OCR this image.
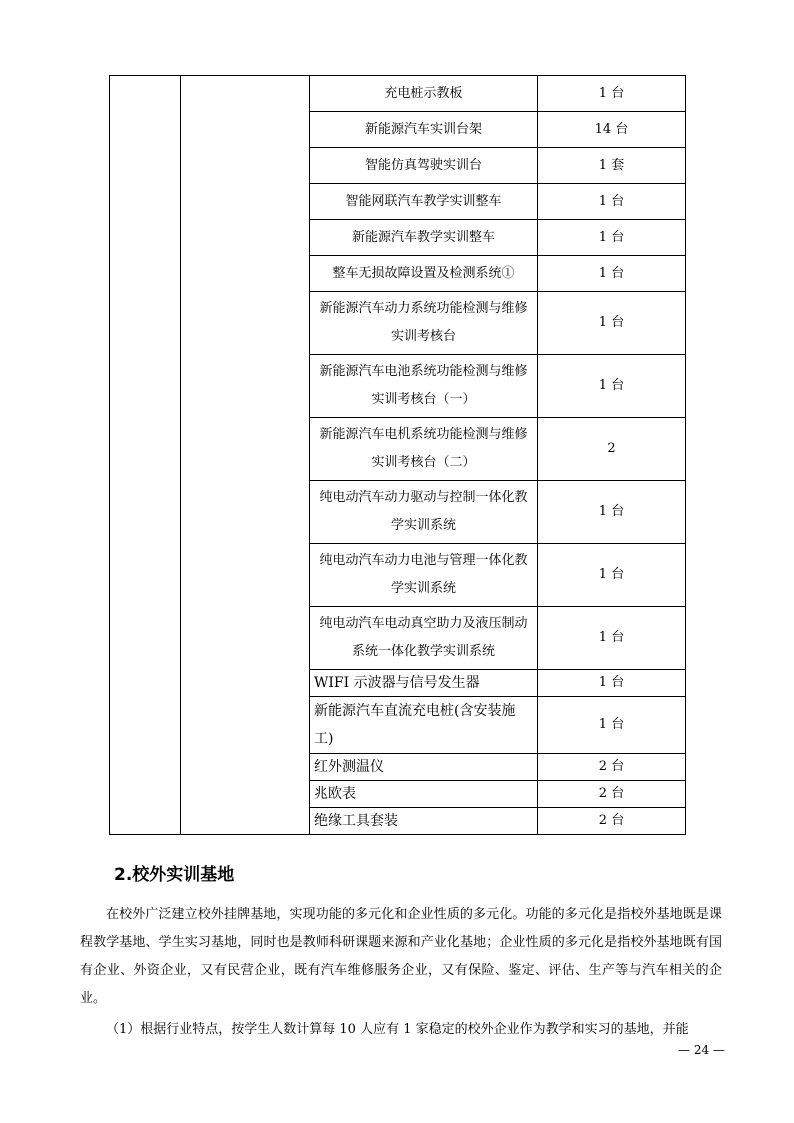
		充电桩示教板	1 台
		新能源汽车实训台架	14 台
		智能仿真驾驶实训台	1 套
		智能网联汽车教学实训整车	1 台
		新能源汽车教学实训整车	1 台
		整车无损故障设置及检测系统①	1 台
		新能源汽车动力系统功能检测与维修实训考核台	1 台
		新能源汽车电池系统功能检测与维修实训考核台（一）	1 台
		新能源汽车电机系统功能检测与维修实训考核台（二）	2
		纯电动汽车动力驱动与控制一体化教学实训系统	1 台
		纯电动汽车动力电池与管理一体化教学实训系统	1 台
		纯电动汽车电动真空助力及液压制动系统一体化教学实训系统	1 台
		WIFI 示波器与信号发生器	1 台
		新能源汽车直流充电桩(含安装施工)	1 台
		红外测温仪	2 台
		兆欧表	2 台
		绝缘工具套装	2 台
2.校外实训基地

在校外广泛建立校外挂牌基地，实现功能的多元化和企业性质的多元化。功能的多元化是指校外基地既是课程教学基地、学生实习基地，同时也是教师科研课题来源和产业化基地；企业性质的多元化是指校外基地既有国有企业、外资企业，又有民营企业，既有汽车维修服务企业，又有保险、鉴定、评估、生产等与汽车相关的企业。

（1）根据行业特点，按学生人数计算每 10 人应有 1 家稳定的校外企业作为教学和实习的基地，并能

— 24 —
